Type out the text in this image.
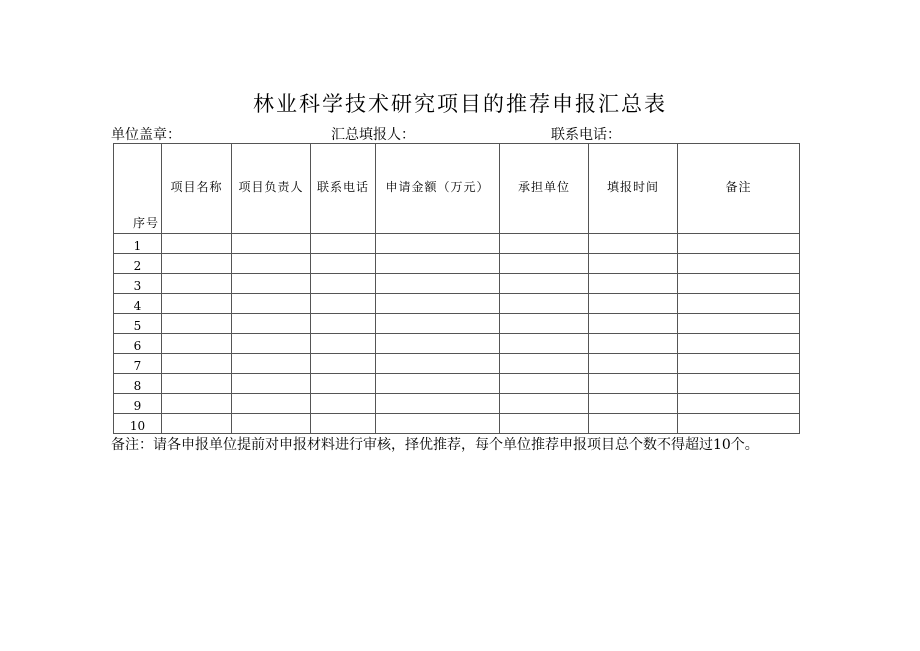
林业科学技术研究项目的推荐申报汇总表
单位盖章：	汇总填报人：	联系电话：
序号	项目名称	项目负责人	联系电话	申请金额（万元）	承担单位	填报时间	备注

1							
2							
3							
4							
5							
6							
7							
8							
9							
10							
备注：请各申报单位提前对申报材料进行审核，择优推荐，每个单位推荐申报项目总个数不得超过10个。
